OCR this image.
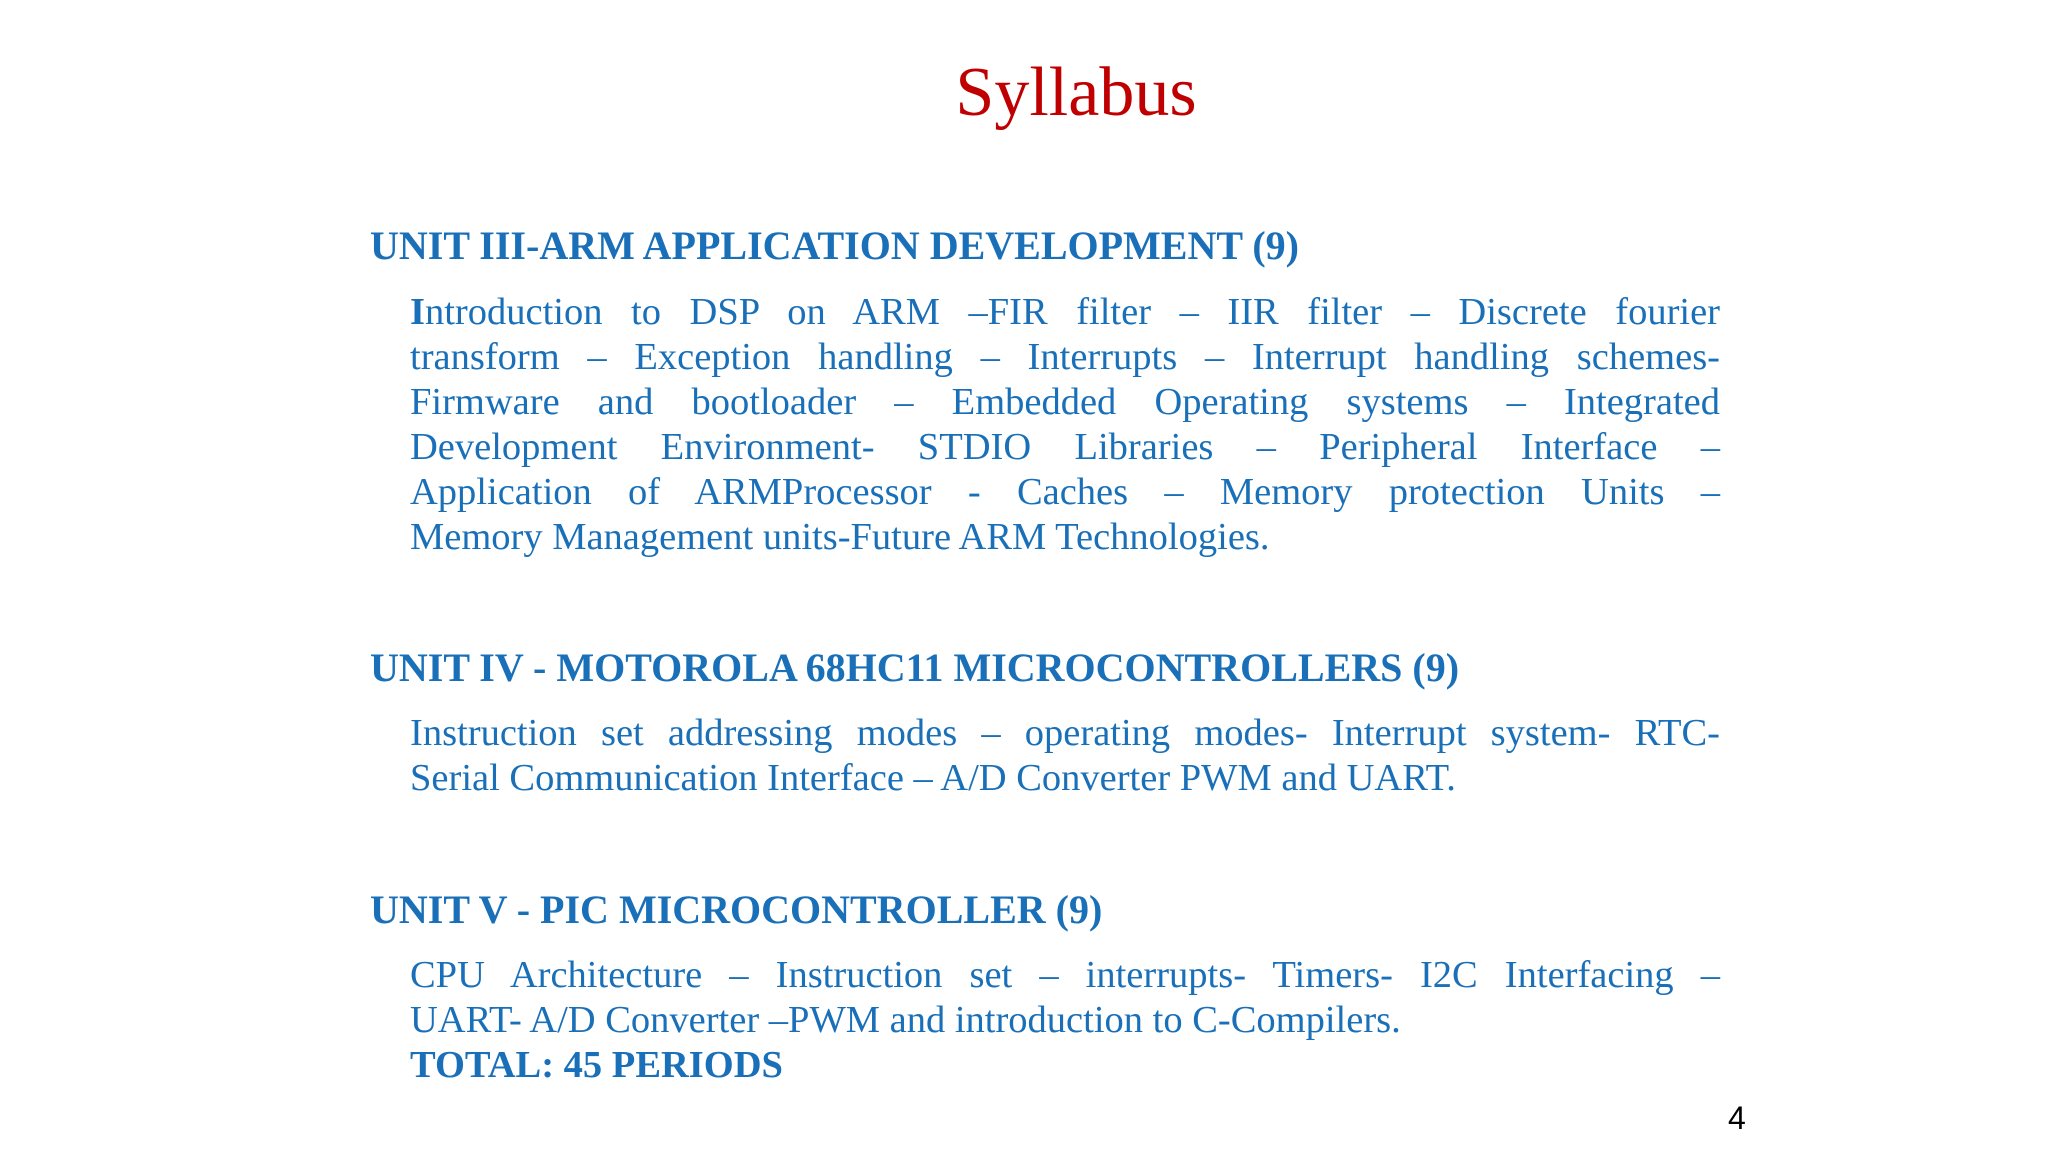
Syllabus
UNIT III-ARM APPLICATION DEVELOPMENT (9)
Introduction to DSP on ARM –FIR filter – IIR filter – Discrete fourier
transform – Exception handling – Interrupts – Interrupt handling schemes-
Firmware and bootloader – Embedded Operating systems – Integrated
Development Environment- STDIO Libraries – Peripheral Interface –
Application of ARMProcessor - Caches – Memory protection Units –
Memory Management units-Future ARM Technologies.
UNIT IV - MOTOROLA 68HC11 MICROCONTROLLERS (9)
Instruction set addressing modes – operating modes- Interrupt system- RTC-
Serial Communication Interface – A/D Converter PWM and UART.
UNIT V - PIC MICROCONTROLLER (9)
CPU Architecture – Instruction set – interrupts- Timers- I2C Interfacing –
UART- A/D Converter –PWM and introduction to C-Compilers.
TOTAL: 45 PERIODS
4
